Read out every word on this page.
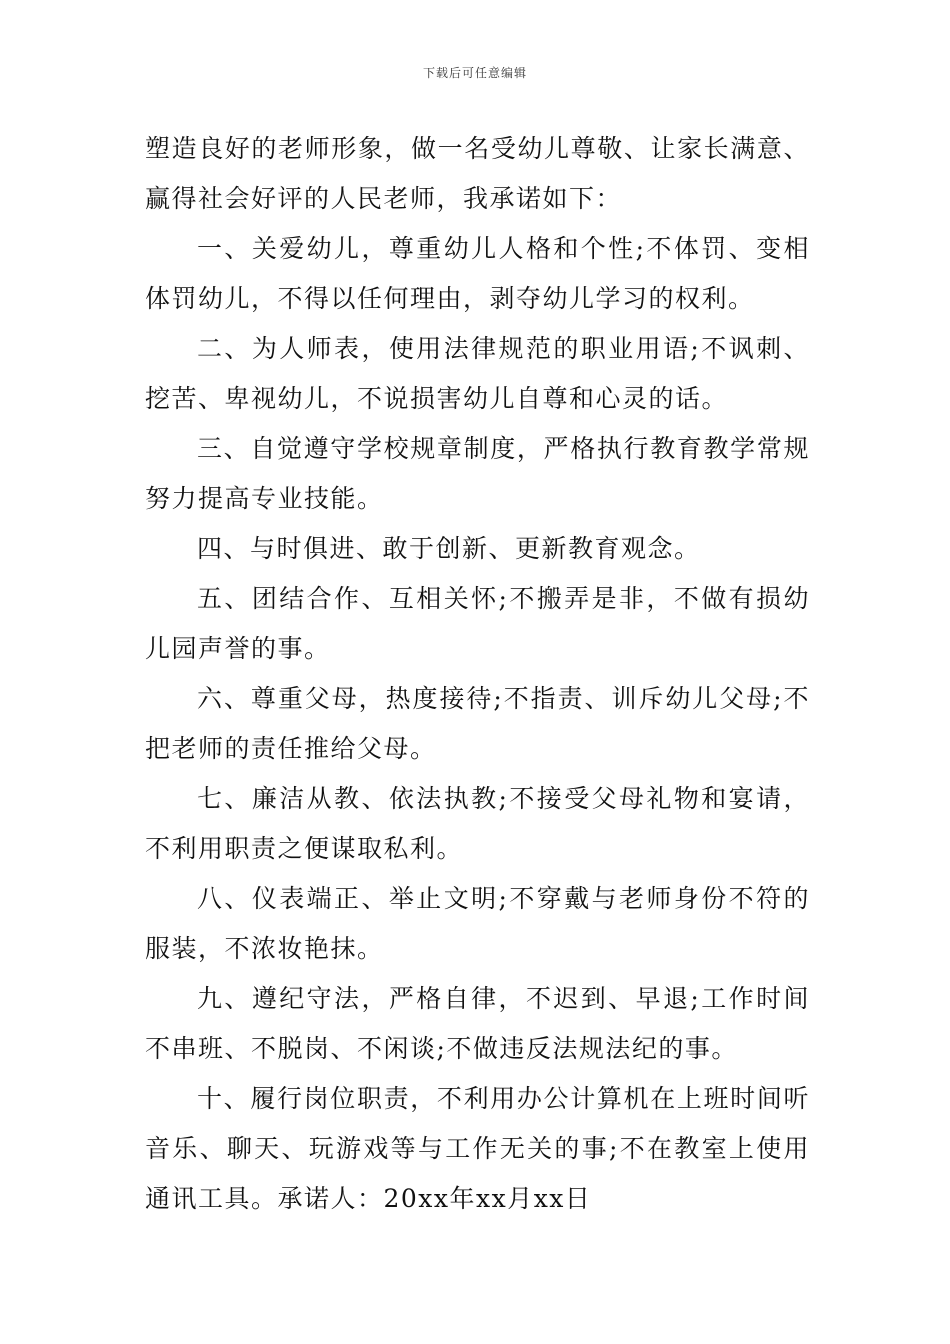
下载后可任意编辑

塑造良好的老师形象，做一名受幼儿尊敬、让家长满意、赢得社会好评的人民老师，我承诺如下：

一、关爱幼儿，尊重幼儿人格和个性;不体罚、变相体罚幼儿，不得以任何理由，剥夺幼儿学习的权利。

二、为人师表，使用法律规范的职业用语;不讽刺、挖苦、卑视幼儿，不说损害幼儿自尊和心灵的话。

三、自觉遵守学校规章制度，严格执行教育教学常规努力提高专业技能。

四、与时俱进、敢于创新、更新教育观念。

五、团结合作、互相关怀;不搬弄是非，不做有损幼儿园声誉的事。

六、尊重父母，热度接待;不指责、训斥幼儿父母;不把老师的责任推给父母。

七、廉洁从教、依法执教;不接受父母礼物和宴请，不利用职责之便谋取私利。

八、仪表端正、举止文明;不穿戴与老师身份不符的服装，不浓妆艳抹。

九、遵纪守法，严格自律，不迟到、早退;工作时间不串班、不脱岗、不闲谈;不做违反法规法纪的事。

十、履行岗位职责，不利用办公计算机在上班时间听音乐、聊天、玩游戏等与工作无关的事;不在教室上使用通讯工具。承诺人：20xx年xx月xx日
